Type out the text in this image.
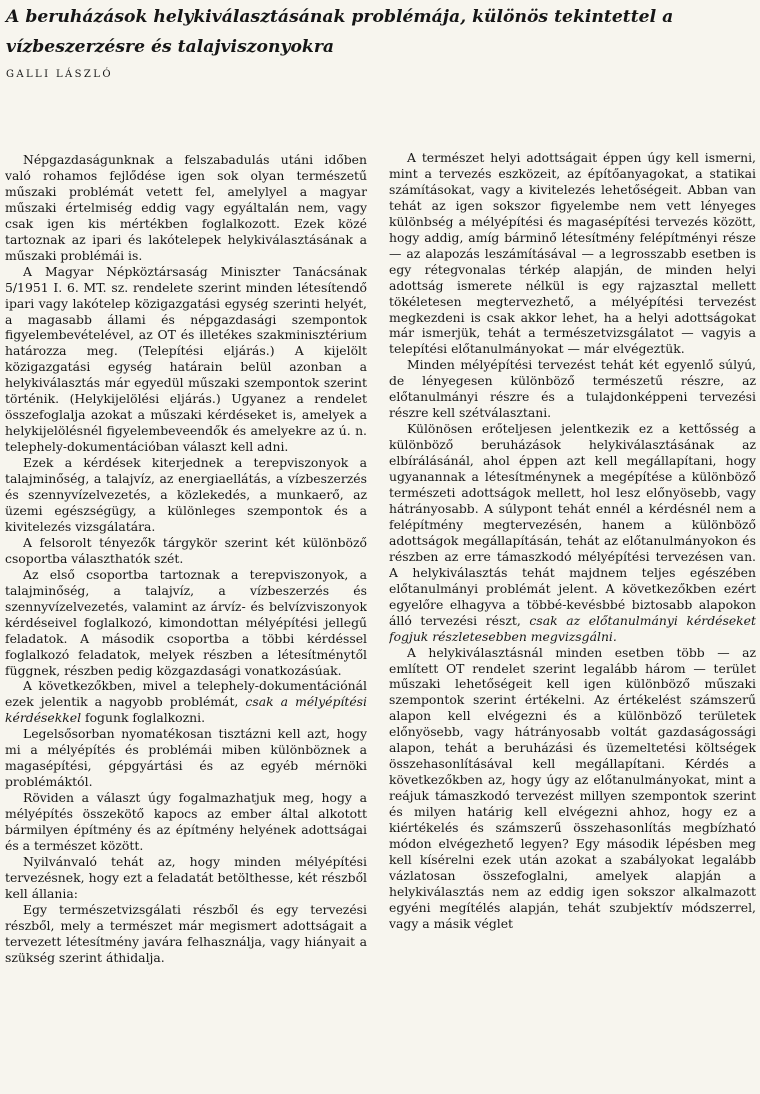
A beruházások helykiválasztásának problémája, különös tekintettel a vízbeszerzésre és talajviszonyokra
GALLI LÁSZLÓ

Népgazdaságunknak a felszabadulás utáni időben való rohamos fejlődése igen sok olyan természetű műszaki problémát vetett fel, amelylyel a magyar műszaki értelmiség eddig vagy egyáltalán nem, vagy csak igen kis mértékben foglalkozott. Ezek közé tartoznak az ipari és lakótelepek helykiválasztásának a műszaki problémái is.

A Magyar Népköztársaság Miniszter Tanácsának 5/1951 I. 6. MT. sz. rendelete szerint minden létesítendő ipari vagy lakótelep közigazgatási egység szerinti helyét, a magasabb állami és népgazdasági szempontok figyelembevételével, az OT és illetékes szakminisztérium határozza meg. (Telepítési eljárás.) A kijelölt közigazgatási egység határain belül azonban a helykiválasztás már egyedül műszaki szempontok szerint történik. (Helykijelölési eljárás.) Ugyanez a rendelet összefoglalja azokat a műszaki kérdéseket is, amelyek a helykijelölésnél figyelembeveendők és amelyekre az ú. n. telephely-dokumentációban választ kell adni.

Ezek a kérdések kiterjednek a terepviszonyok a talajminőség, a talajvíz, az energiaellátás, a vízbeszerzés és szennyvízelvezetés, a közlekedés, a munkaerő, az üzemi egészségügy, a különleges szempontok és a kivitelezés vizsgálatára.

A felsorolt tényezők tárgykör szerint két különböző csoportba választhatók szét.

Az első csoportba tartoznak a terepviszonyok, a talajminőség, a talajvíz, a vízbeszerzés és szennyvízelvezetés, valamint az árvíz- és belvízviszonyok kérdéseivel foglalkozó, kimondottan mélyépítési jellegű feladatok. A második csoportba a többi kérdéssel foglalkozó feladatok, melyek részben a létesítménytől függnek, részben pedig közgazdasági vonatkozásúak.

A következőkben, mivel a telephely-dokumentációnál ezek jelentik a nagyobb problémát, csak a mélyépítési kérdésekkel fogunk foglalkozni.

Legelsősorban nyomatékosan tisztázni kell azt, hogy mi a mélyépítés és problémái miben különböznek a magasépítési, gépgyártási és az egyéb mérnöki problémáktól.

Röviden a választ úgy fogalmazhatjuk meg, hogy a mélyépítés összekötő kapocs az ember által alkotott bármilyen építmény és az építmény helyének adottságai és a természet között.

Nyilvánvaló tehát az, hogy minden mélyépítési tervezésnek, hogy ezt a feladatát betölthesse, két részből kell állania:

Egy természetvizsgálati részből és egy tervezési részből, mely a természet már megismert adottságait a tervezett létesítmény javára felhasználja, vagy hiányait a szükség szerint áthidalja.

A természet helyi adottságait éppen úgy kell ismerni, mint a tervezés eszközeit, az építőanyagokat, a statikai számításokat, vagy a kivitelezés lehetőségeit. Abban van tehát az igen sokszor figyelembe nem vett lényeges különbség a mélyépítési és magasépítési tervezés között, hogy addig, amíg bárminő létesítmény felépítményi része — az alapozás leszámításával — a legrosszabb esetben is egy rétegvonalas térkép alapján, de minden helyi adottság ismerete nélkül is egy rajzasztal mellett tökéletesen megtervezhető, a mélyépítési tervezést megkezdeni is csak akkor lehet, ha a helyi adottságokat már ismerjük, tehát a természetvizsgálatot — vagyis a telepítési előtanulmányokat — már elvégeztük.

Minden mélyépítési tervezést tehát két egyenlő súlyú, de lényegesen különböző természetű részre, az előtanulmányi részre és a tulajdonképpeni tervezési részre kell szétválasztani.

Különösen erőteljesen jelentkezik ez a kettősség a különböző beruházások helykiválasztásának az elbírálásánál, ahol éppen azt kell megállapítani, hogy ugyanannak a létesítménynek a megépítése a különböző természeti adottságok mellett, hol lesz előnyösebb, vagy hátrányosabb. A súlypont tehát ennél a kérdésnél nem a felépítmény megtervezésén, hanem a különböző adottságok megállapításán, tehát az előtanulmányokon és részben az erre támaszkodó mélyépítési tervezésen van. A helykiválasztás tehát majdnem teljes egészében előtanulmányi problémát jelent. A következőkben ezért egyelőre elhagyva a többé-kevésbbé biztosabb alapokon álló tervezési részt, csak az előtanulmányi kérdéseket fogjuk részletesebben megvizsgálni.

A helykiválasztásnál minden esetben több — az említett OT rendelet szerint legalább három — terület műszaki lehetőségeit kell igen különböző műszaki szempontok szerint értékelni. Az értékelést számszerű alapon kell elvégezni és a különböző területek előnyösebb, vagy hátrányosabb voltát gazdaságossági alapon, tehát a beruházási és üzemeltetési költségek összehasonlításával kell megállapítani. Kérdés a következőkben az, hogy úgy az előtanulmányokat, mint a reájuk támaszkodó tervezést millyen szempontok szerint és milyen határig kell elvégezni ahhoz, hogy ez a kiértékelés és számszerű összehasonlítás megbízható módon elvégezhető legyen? Egy második lépésben meg kell kísérelni ezek után azokat a szabályokat legalább vázlatosan összefoglalni, amelyek alapján a helykiválasztás nem az eddig igen sokszor alkalmazott egyéni megítélés alapján, tehát szubjektív módszerrel, vagy a másik véglet
